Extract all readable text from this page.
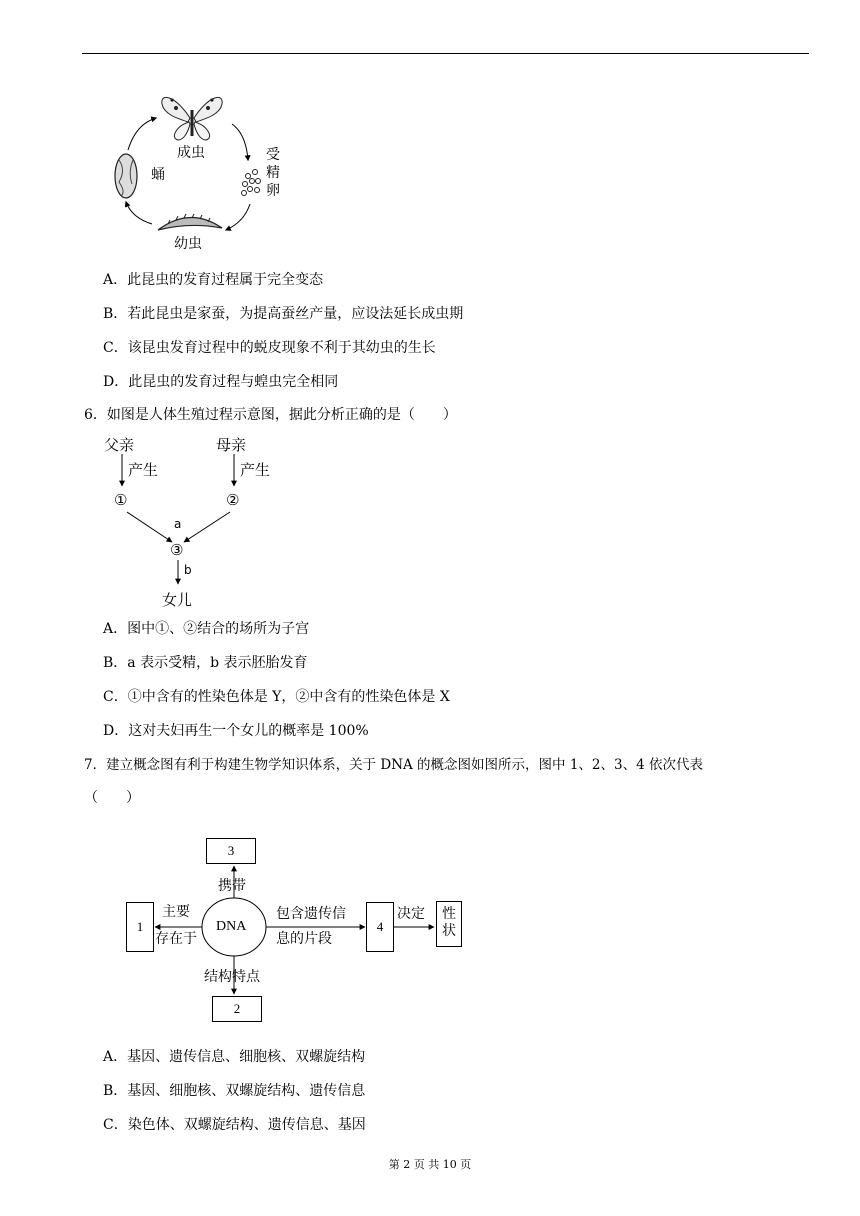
成虫	受
精
卵
蛹
幼虫
A．此昆虫的发育过程属于完全变态
B．若此昆虫是家蚕，为提高蚕丝产量，应设法延长成虫期
C．该昆虫发育过程中的蜕皮现象不利于其幼虫的生长
D．此昆虫的发育过程与蝗虫完全相同
6．如图是人体生殖过程示意图，据此分析正确的是（　　）
父亲	母亲
产生	产生
①	②
a
③
b
女儿
A．图中①、②结合的场所为子宫
B．a 表示受精，b 表示胚胎发育
C．①中含有的性染色体是 Y，②中含有的性染色体是 X
D．这对夫妇再生一个女儿的概率是 100%
7．建立概念图有利于构建生物学知识体系，关于 DNA 的概念图如图所示，图中 1、2、3、4 依次代表
（　　）
DNA
3
1	4
2
性
状
携带
主要
存在于
包含遗传信
息的片段
决定
结构特点
A．基因、遗传信息、细胞核、双螺旋结构
B．基因、细胞核、双螺旋结构、遗传信息
C．染色体、双螺旋结构、遗传信息、基因
第 2 页 共 10 页
